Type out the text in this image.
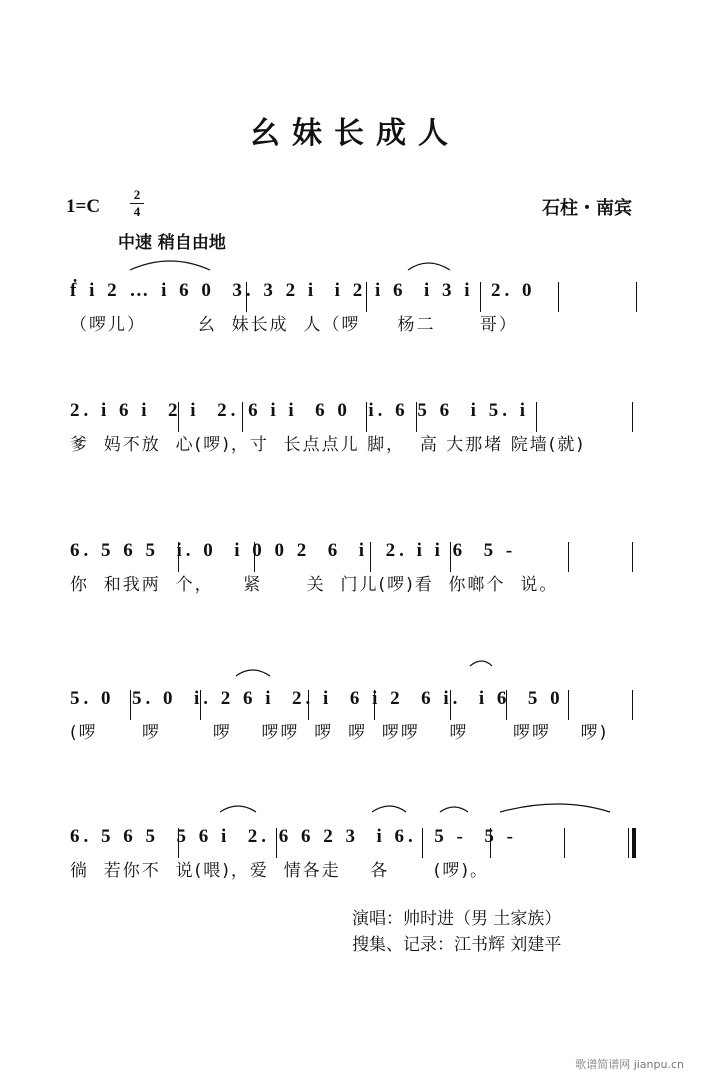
幺妹长成人
1=C
2
4	石柱・南宾
中速 稍自由地
ḟ i 2 … i 6 0  3. 3 2 i  i 2 i 6  i 3 i  2. 0
（啰儿）       幺  妹长成  人（啰     杨二      哥）
2. i 6 i  2 i  2. 6 i i  6 0  i. 6 5 6  i 5. i
爹  妈不放  心(啰)，寸  长点点儿 脚，  高 大那堵 院墙(就)
6. 5 6 5  i. 0  i 0 0 2  6  i  2. i i 6  5 -
你  和我两  个，    紧      关  门儿(啰)看  你啷个  说。
5. 0  5. 0  i. 2 6 i  2. i  6 i 2  6 i.  i 6  5 0
(啰      啰       啰    啰啰  啰  啰  啰啰    啰      啰啰    啰)
6. 5 6 5  5 6 i  2. 6 6 2 3  i 6.  5 -  5 -
徜  若你不  说(喂)，爱  情各走    各      (啰)。
演唱：帅时进（男 土家族）
搜集、记录：江书辉 刘建平
歌谱简谱网 jianpu.cn
